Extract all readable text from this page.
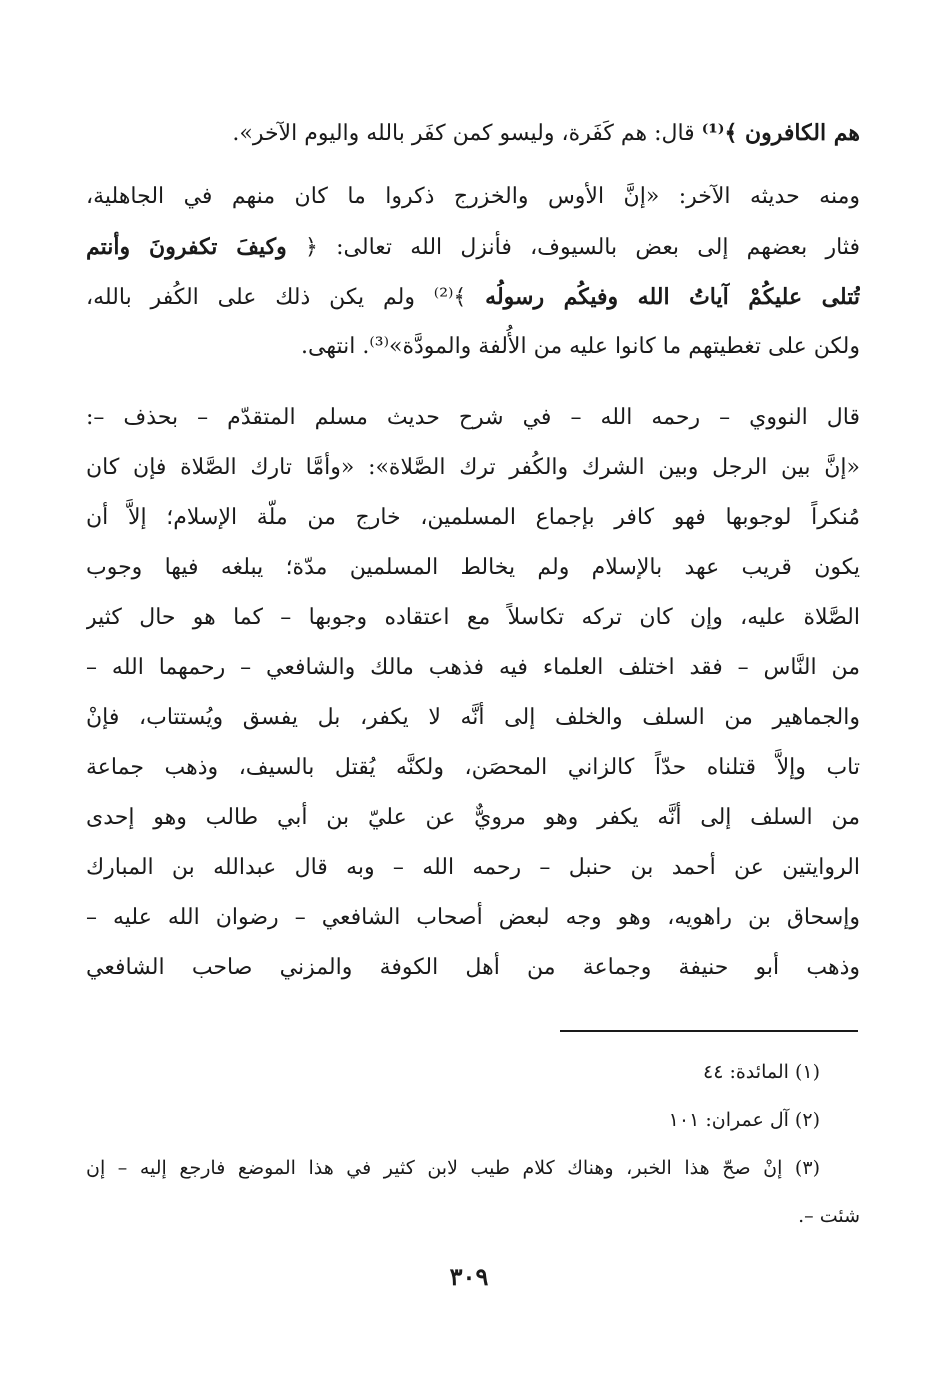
هم الكافرون ﴾⁽¹⁾ قال: هم كَفَرة، وليسو كمن كفَر بالله واليوم الآخر».
ومنه حديثه الآخر: «إنَّ الأوس والخزرج ذكروا ما كان منهم في الجاهلية،
فثار بعضهم إلى بعض بالسيوف، فأنزل الله تعالى: ﴿ وكيفَ تكفرونَ وأنتم
تُتلى عليكُمْ آياتُ الله وفيكُم رسولُه ﴾⁽²⁾ ولم يكن ذلك على الكُفر بالله،
ولكن على تغطيتهم ما كانوا عليه من الأُلفة والمودَّة»⁽³⁾. انتهى.
قال النووي – رحمه الله – في شرح حديث مسلم المتقدّم – بحذف –:
«إنَّ بين الرجل وبين الشرك والكُفر ترك الصَّلاة»: «وأمَّا تارك الصَّلاة فإن كان
مُنكراً لوجوبها فهو كافر بإجماع المسلمين، خارج من ملّة الإسلام؛ إلاَّ أن
يكون قريب عهد بالإسلام ولم يخالط المسلمين مدّة؛ يبلغه فيها وجوب
الصَّلاة عليه، وإن كان تركه تكاسلاً مع اعتقاده وجوبها – كما هو حال كثير
من النَّاس – فقد اختلف العلماء فيه فذهب مالك والشافعي – رحمهما الله –
والجماهير من السلف والخلف إلى أنَّه لا يكفر، بل يفسق ويُستتاب، فإنْ
تاب وإلاَّ قتلناه حدّاً كالزاني المحصَن، ولكنَّه يُقتل بالسيف، وذهب جماعة
من السلف إلى أنَّه يكفر وهو مرويٌّ عن عليّ بن أبي طالب وهو إحدى
الروايتين عن أحمد بن حنبل – رحمه الله – وبه قال عبدالله بن المبارك
وإسحاق بن راهويه، وهو وجه لبعض أصحاب الشافعي – رضوان الله عليه –
وذهب أبو حنيفة وجماعة من أهل الكوفة والمزني صاحب الشافعي
(١) المائدة: ٤٤
(٢) آل عمران: ١٠١
(٣) إنْ صحّ هذا الخبر، وهناك كلام طيب لابن كثير في هذا الموضع فارجع إليه – إن
شئت –.
٣٠٩
